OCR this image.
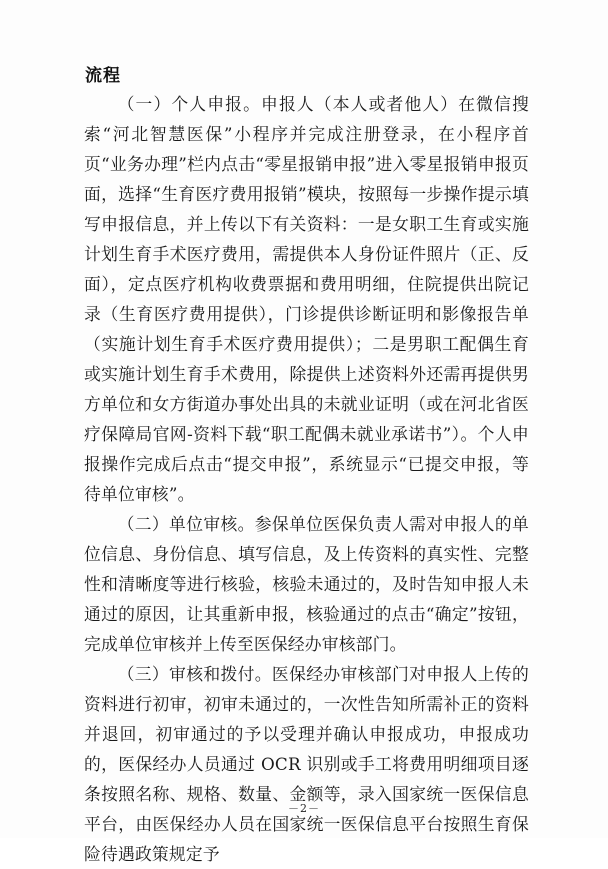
流程

（一）个人申报。申报人（本人或者他人）在微信搜索“河北智慧医保”小程序并完成注册登录，在小程序首页“业务办理”栏内点击“零星报销申报”进入零星报销申报页面，选择“生育医疗费用报销”模块，按照每一步操作提示填写申报信息，并上传以下有关资料：一是女职工生育或实施计划生育手术医疗费用，需提供本人身份证件照片（正、反面），定点医疗机构收费票据和费用明细，住院提供出院记录（生育医疗费用提供），门诊提供诊断证明和影像报告单（实施计划生育手术医疗费用提供）；二是男职工配偶生育或实施计划生育手术费用，除提供上述资料外还需再提供男方单位和女方街道办事处出具的未就业证明（或在河北省医疗保障局官网-资料下载“职工配偶未就业承诺书”）。个人申报操作完成后点击“提交申报”，系统显示“已提交申报，等待单位审核”。

（二）单位审核。参保单位医保负责人需对申报人的单位信息、身份信息、填写信息，及上传资料的真实性、完整性和清晰度等进行核验，核验未通过的，及时告知申报人未通过的原因，让其重新申报，核验通过的点击“确定”按钮，完成单位审核并上传至医保经办审核部门。

（三）审核和拨付。医保经办审核部门对申报人上传的资料进行初审，初审未通过的，一次性告知所需补正的资料并退回，初审通过的予以受理并确认申报成功，申报成功的，医保经办人员通过 OCR 识别或手工将费用明细项目逐条按照名称、规格、数量、金额等，录入国家统一医保信息平台，由医保经办人员在国家统一医保信息平台按照生育保险待遇政策规定予

－2－
